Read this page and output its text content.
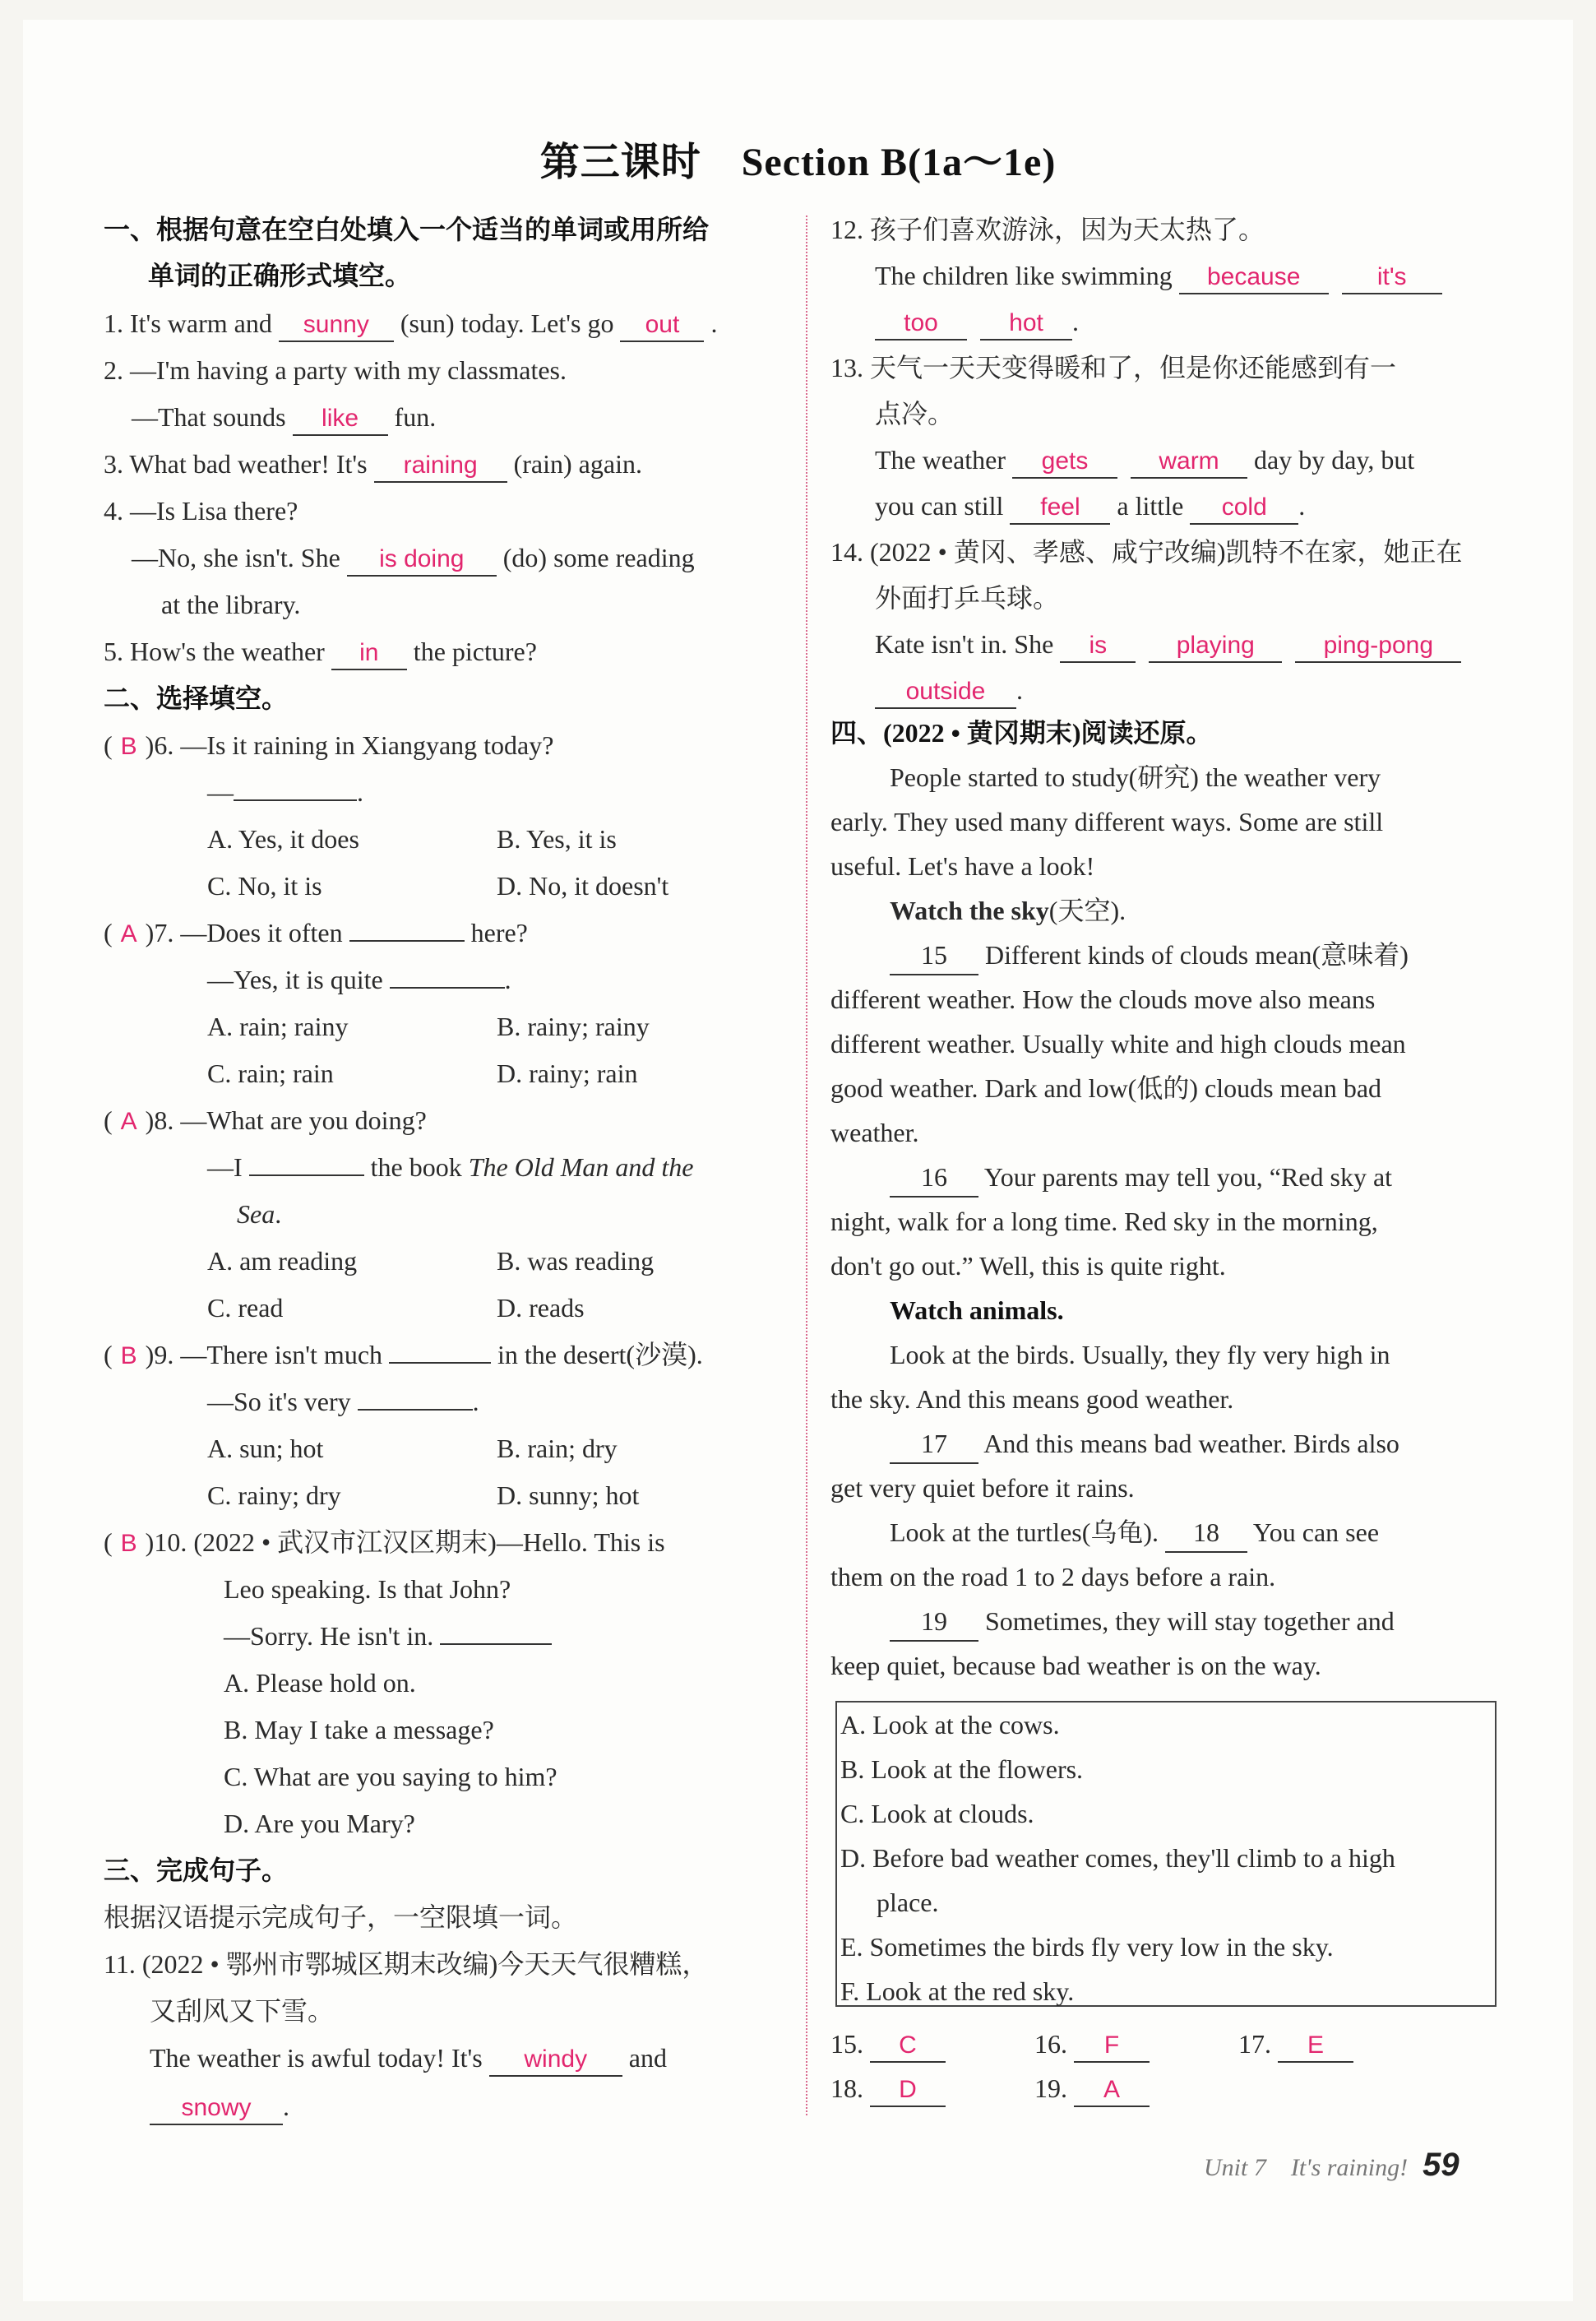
第三课时　Section B(1a～1e)
一、根据句意在空白处填入一个适当的单词或用所给
单词的正确形式填空。
1. It's warm and sunny (sun) today. Let's go out .
2. —I'm having a party with my classmates.
—That sounds like fun.
3. What bad weather! It's raining (rain) again.
4. —Is Lisa there?
—No, she isn't. She is doing (do) some reading
at the library.
5. How's the weather in the picture?
二、选择填空。
( B )6. —Is it raining in Xiangyang today?
—	.
A. Yes, it does	B. Yes, it is
C. No, it is	D. No, it doesn't
( A )7. —Does it often	here?
—Yes, it is quite	.
A. rain; rainy	B. rainy; rainy
C. rain; rain	D. rainy; rain
( A )8. —What are you doing?
—I	the book The Old Man and the
Sea.
A. am reading	B. was reading
C. read	D. reads
( B )9. —There isn't much	in the desert(沙漠).
—So it's very	.
A. sun; hot	B. rain; dry
C. rainy; dry	D. sunny; hot
( B )10. (2022 • 武汉市江汉区期末)—Hello. This is
Leo speaking. Is that John?
—Sorry. He isn't in.
A. Please hold on.
B. May I take a message?
C. What are you saying to him?
D. Are you Mary?
三、完成句子。
根据汉语提示完成句子，一空限填一词。
11. (2022 • 鄂州市鄂城区期末改编)今天天气很糟糕，
又刮风又下雪。
The weather is awful today! It's windy and
snowy .
12. 孩子们喜欢游泳，因为天太热了。
The children like swimming because	it's
too	hot .
13. 天气一天天变得暖和了，但是你还能感到有一
点冷。
The weather gets	warm day by day, but
you can still feel a little cold .
14. (2022 • 黄冈、孝感、咸宁改编)凯特不在家，她正在
外面打乒乓球。
Kate isn't in. She is	playing	ping-pong
outside .
四、(2022 • 黄冈期末)阅读还原。
People started to study(研究) the weather very
early. They used many different ways. Some are still
useful. Let's have a look!
Watch the sky(天空).
15 Different kinds of clouds mean(意味着)
different weather. How the clouds move also means
different weather. Usually white and high clouds mean
good weather. Dark and low(低的) clouds mean bad
weather.
16 Your parents may tell you, “Red sky at
night, walk for a long time. Red sky in the morning,
don't go out.” Well, this is quite right.
Watch animals.
Look at the birds. Usually, they fly very high in
the sky. And this means good weather.
17 And this means bad weather. Birds also
get very quiet before it rains.
Look at the turtles(乌龟). 18 You can see
them on the road 1 to 2 days before a rain.
19 Sometimes, they will stay together and
keep quiet, because bad weather is on the way.
A. Look at the cows.
B. Look at the flowers.
C. Look at clouds.
D. Before bad weather comes, they'll climb to a high
place.
E. Sometimes the birds fly very low in the sky.
F. Look at the red sky.
15. C	16. F	17. E
18. D	19. A
Unit 7 It's raining! 59
